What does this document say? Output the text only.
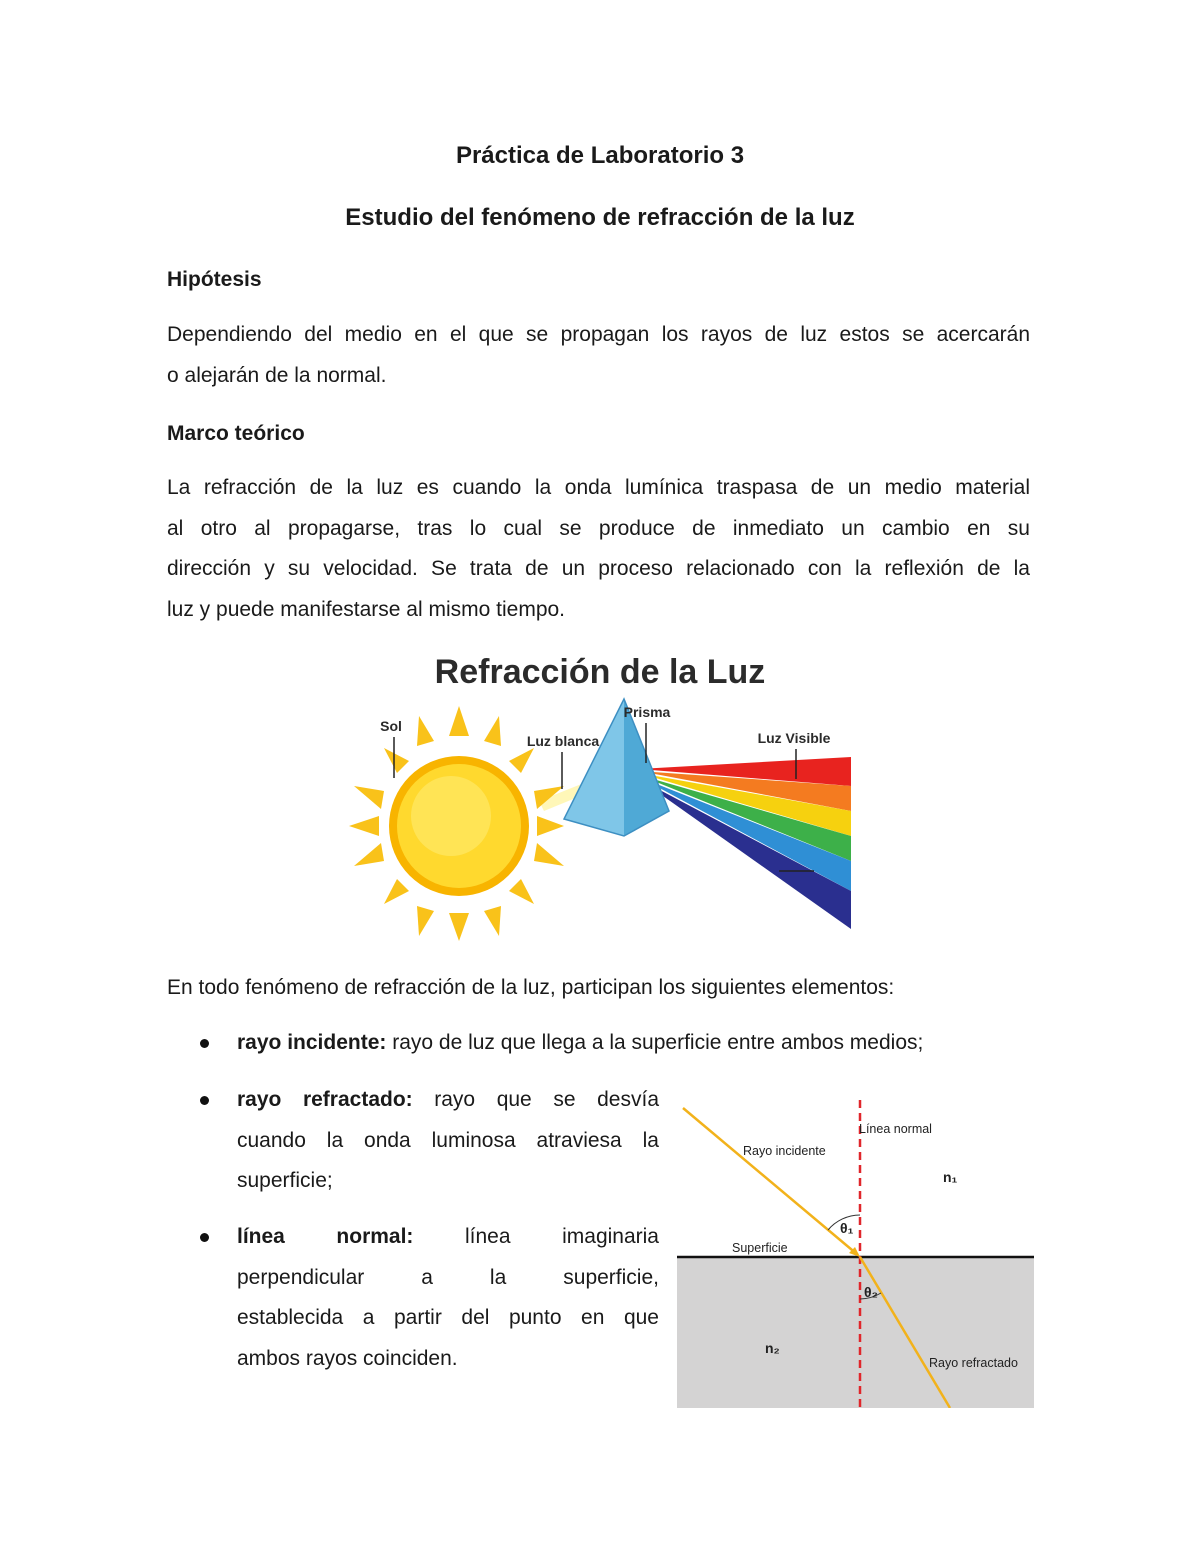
Práctica de Laboratorio 3
Estudio del fenómeno de refracción de la luz
Hipótesis
Dependiendo del medio en el que se propagan los rayos de luz estos se acercarán
o alejarán de la normal.
Marco teórico
La refracción de la luz es cuando la onda lumínica traspasa de un medio material
al otro al propagarse, tras lo cual se produce de inmediato un cambio en su
dirección y su velocidad. Se trata de un proceso relacionado con la reflexión de la
luz y puede manifestarse al mismo tiempo.
Refracción de la Luz
Sol
Luz blanca
Prisma
Luz Visible
En todo fenómeno de refracción de la luz, participan los siguientes elementos:
rayo incidente: rayo de luz que llega a la superficie entre ambos medios;
rayo refractado: rayo que se desvía
cuando la onda luminosa atraviesa la
superficie;
línea normal: línea imaginaria
perpendicular	a	la	superficie,
establecida a partir del punto en que
ambos rayos coinciden.
Línea normal
Rayo incidente
n₁
θ₁
Superficie
θ₂
n₂
Rayo refractado
